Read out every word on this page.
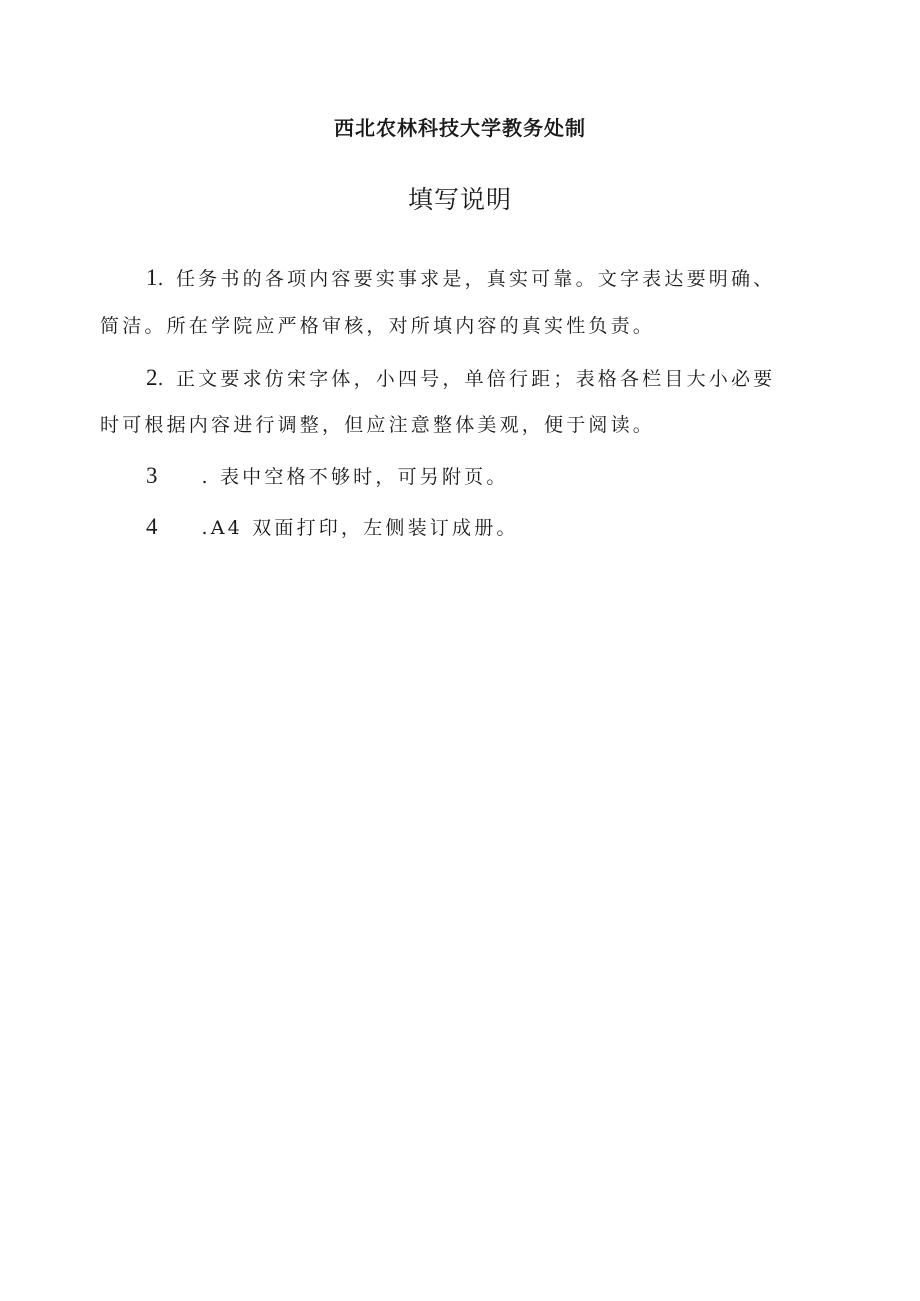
西北农林科技大学教务处制
填写说明
1. 任务书的各项内容要实事求是，真实可靠。文字表达要明确、
简洁。所在学院应严格审核，对所填内容的真实性负责。
2. 正文要求仿宋字体，小四号，单倍行距；表格各栏目大小必要
时可根据内容进行调整，但应注意整体美观，便于阅读。
3 . 表中空格不够时，可另附页。
4 .A4 双面打印，左侧装订成册。
